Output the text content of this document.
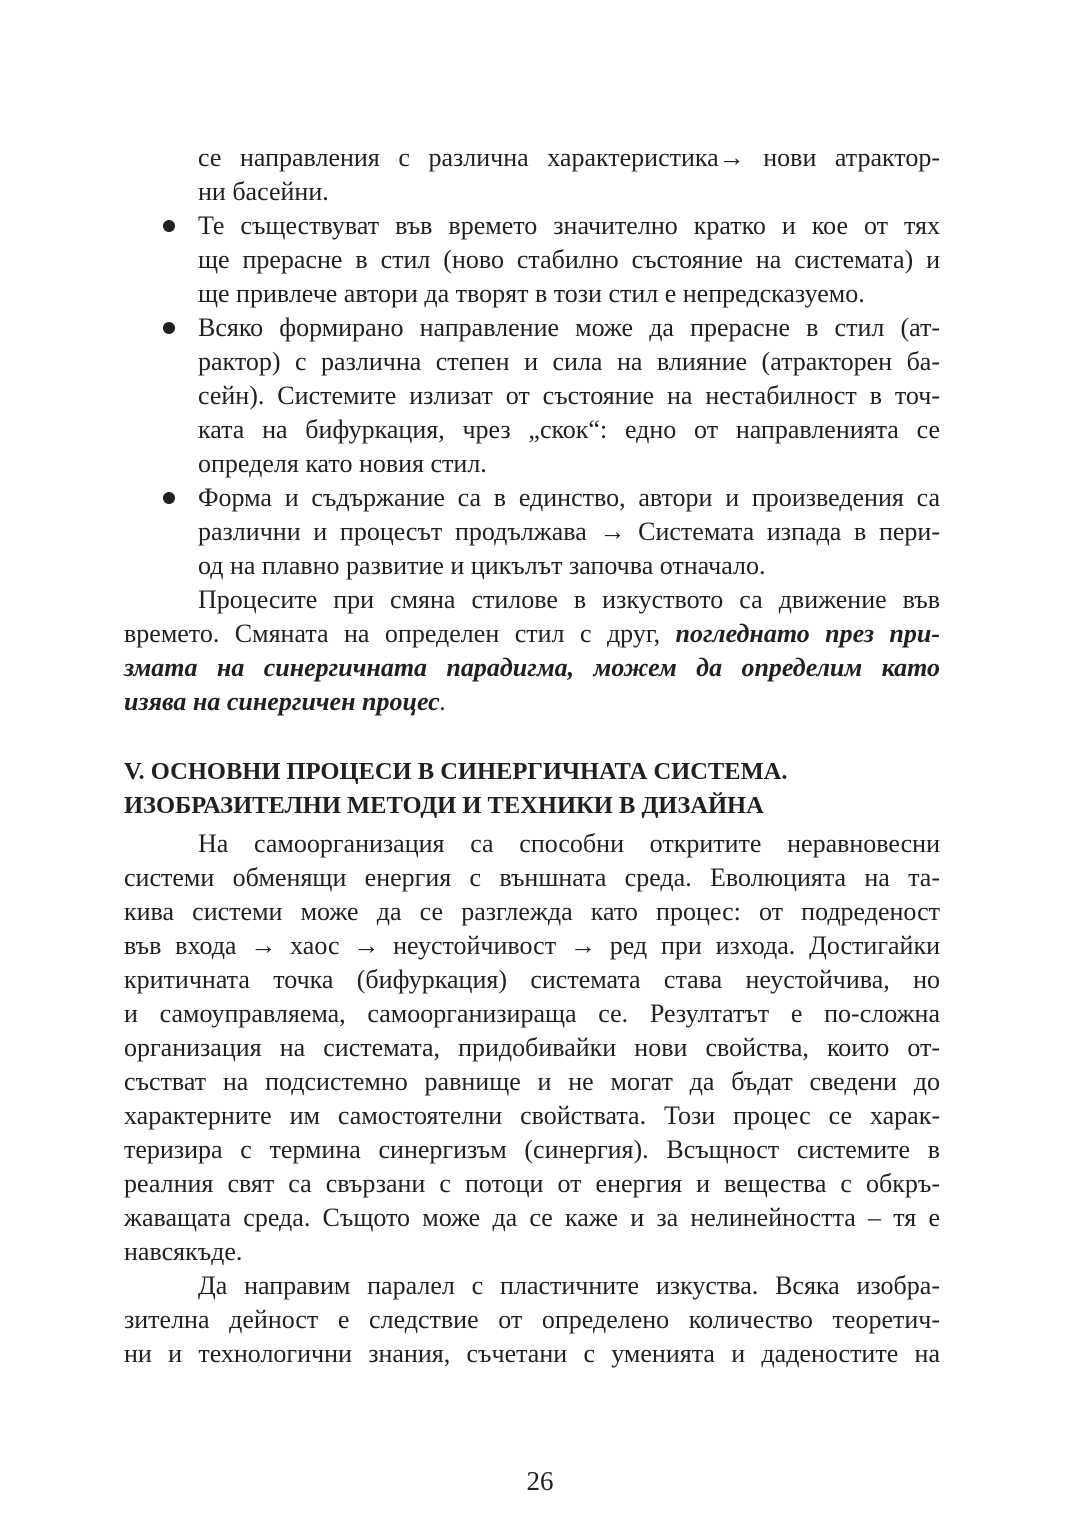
се направления с различна характеристика→ нови атрактор-
ни басейни.
Те съществуват във времето значително кратко и кое от тях
ще прерасне в стил (ново стабилно състояние на системата) и
ще привлече автори да творят в този стил е непредсказуемо.
Всяко формирано направление може да прерасне в стил (ат-
рактор) с различна степен и сила на влияние (атракторен ба-
сейн). Системите излизат от състояние на нестабилност в точ-
ката на бифуркация, чрез „скок“: едно от направленията се
определя като новия стил.
Форма и съдържание са в единство, автори и произведения са
различни и процесът продължава → Системата изпада в пери-
од на плавно развитие и цикълът започва отначало.
Процесите при смяна стилове в изкуството са движение във
времето. Смяната на определен стил с друг, погледнато през при-
змата на синергичната парадигма, можем да определим като
изява на синергичен процес.
V. ОСНОВНИ ПРОЦЕСИ В СИНЕРГИЧНАТА СИСТЕМА.
ИЗОБРАЗИТЕЛНИ МЕТОДИ И ТЕХНИКИ В ДИЗАЙНА
На самоорганизация са способни откритите неравновесни
системи обменящи енергия с външната среда. Еволюцията на та-
кива системи може да се разглежда като процес: от подреденост
във входа → хаос → неустойчивост → ред при изхода. Достигайки
критичната точка (бифуркация) системата става неустойчива, но
и самоуправляема, самоорганизираща се. Резултатът е по-сложна
организация на системата, придобивайки нови свойства, които от-
състват на подсистемно равнище и не могат да бъдат сведени до
характерните им самостоятелни свойствата. Този процес се харак-
теризира с термина синергизъм (синергия). Всъщност системите в
реалния свят са свързани с потоци от енергия и вещества с обкръ-
жаващата среда. Същото може да се каже и за нелинейността – тя е
навсякъде.
Да направим паралел с пластичните изкуства. Всяка изобра-
зителна дейност е следствие от определено количество теоретич-
ни и технологични знания, съчетани с уменията и даденостите на
26
